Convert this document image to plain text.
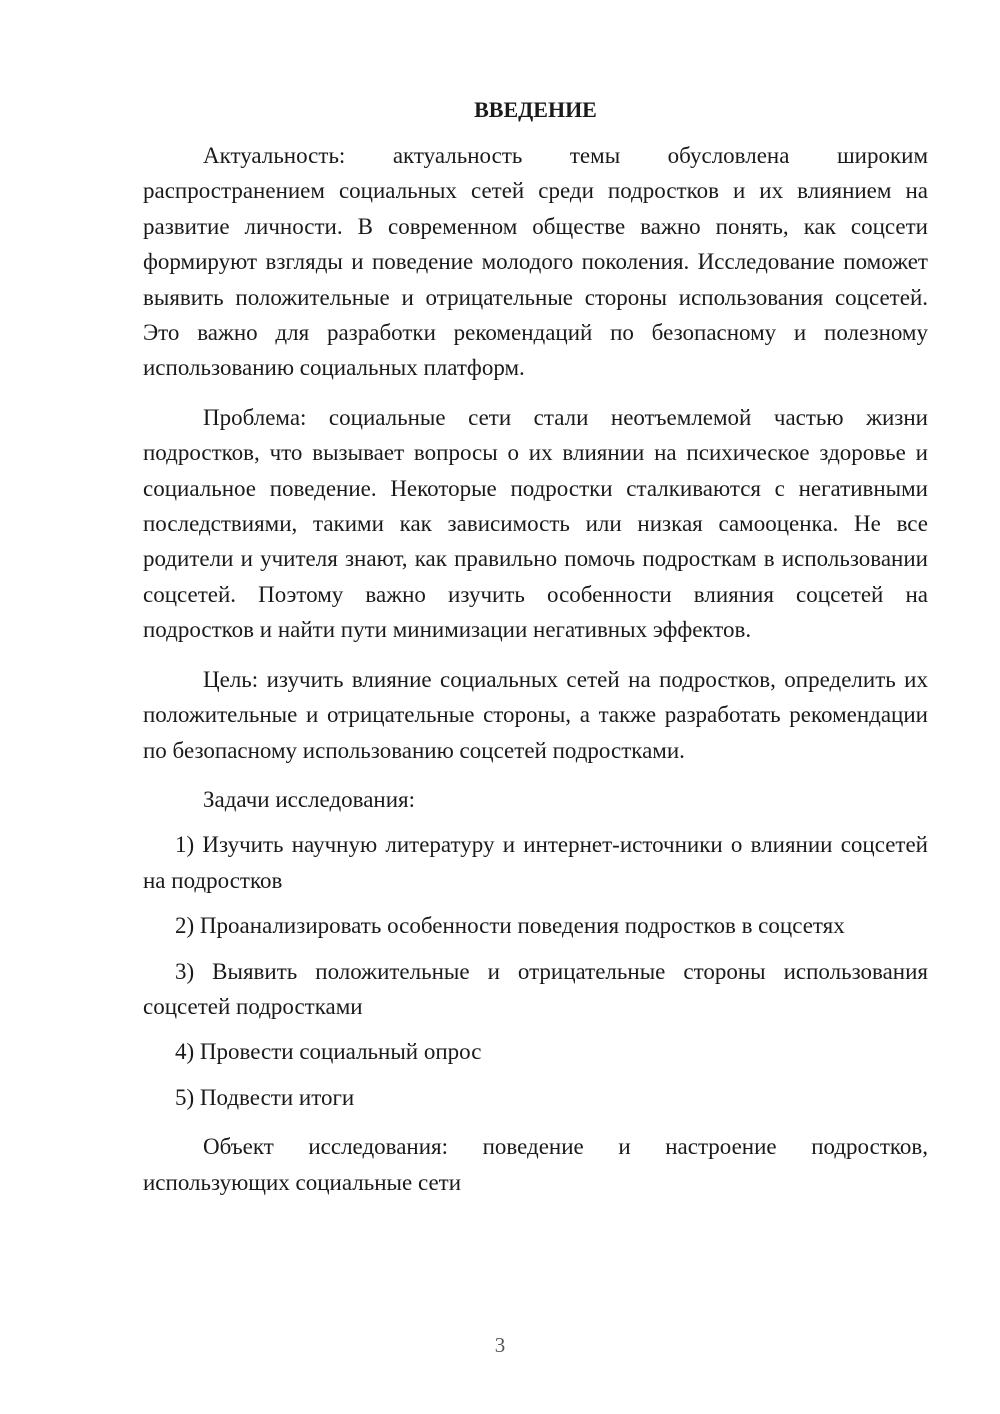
ВВЕДЕНИЕ

Актуальность: актуальность темы обусловлена широким распространением социальных сетей среди подростков и их влиянием на развитие личности. В современном обществе важно понять, как соцсети формируют взгляды и поведение молодого поколения. Исследование поможет выявить положительные и отрицательные стороны использования соцсетей. Это важно для разработки рекомендаций по безопасному и полезному использованию социальных платформ.

Проблема: социальные сети стали неотъемлемой частью жизни подростков, что вызывает вопросы о их влиянии на психическое здоровье и социальное поведение. Некоторые подростки сталкиваются с негативными последствиями, такими как зависимость или низкая самооценка. Не все родители и учителя знают, как правильно помочь подросткам в использовании соцсетей. Поэтому важно изучить особенности влияния соцсетей на подростков и найти пути минимизации негативных эффектов.

Цель: изучить влияние социальных сетей на подростков, определить их положительные и отрицательные стороны, а также разработать рекомендации по безопасному использованию соцсетей подростками.

Задачи исследования:

1) Изучить научную литературу и интернет-источники о влиянии соцсетей на подростков

2) Проанализировать особенности поведения подростков в соцсетях

3) Выявить положительные и отрицательные стороны использования соцсетей подростками

4) Провести социальный опрос

5) Подвести итоги

Объект исследования: поведение и настроение подростков, использующих социальные сети

3
